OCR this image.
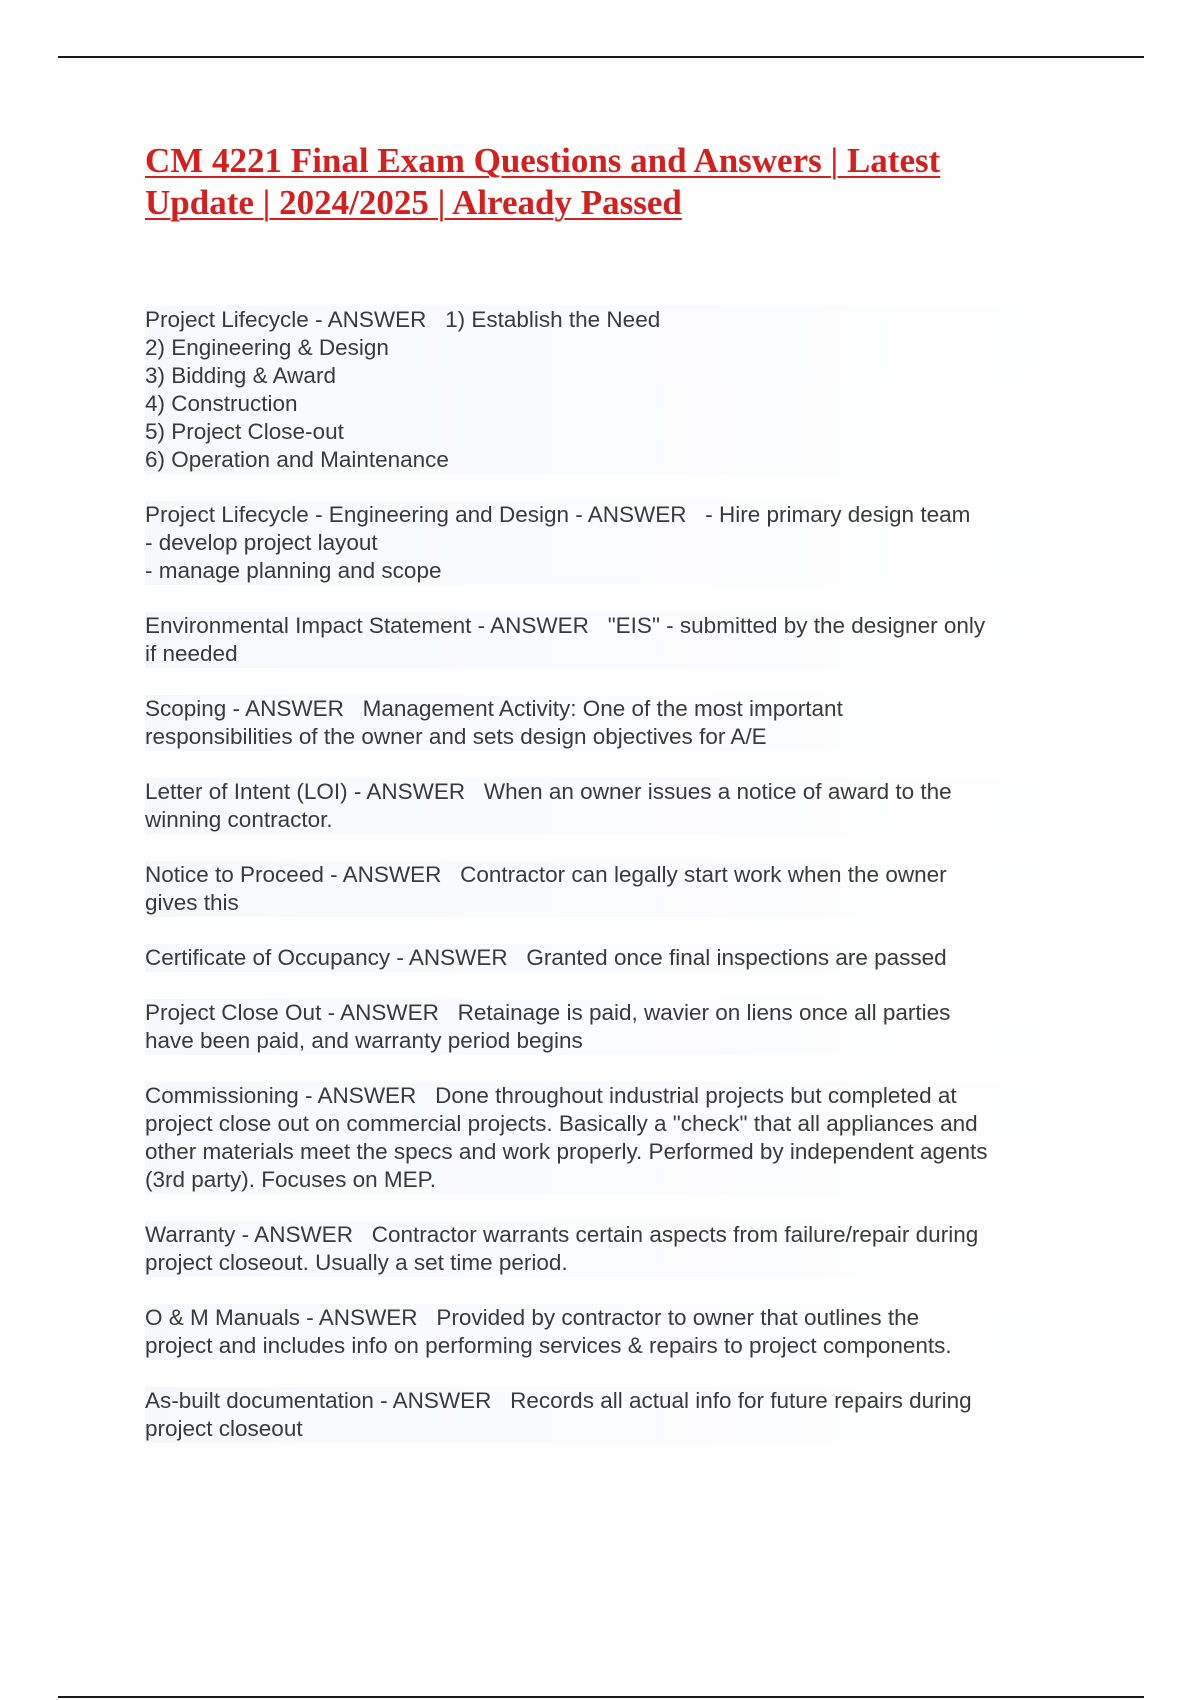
CM 4221 Final Exam Questions and Answers | Latest
Update | 2024/2025 | Already Passed

Project Lifecycle - ANSWER 1) Establish the Need
2) Engineering & Design
3) Bidding & Award
4) Construction
5) Project Close-out
6) Operation and Maintenance

Project Lifecycle - Engineering and Design - ANSWER - Hire primary design team
- develop project layout
- manage planning and scope

Environmental Impact Statement - ANSWER "EIS" - submitted by the designer only
if needed

Scoping - ANSWER Management Activity: One of the most important
responsibilities of the owner and sets design objectives for A/E

Letter of Intent (LOI) - ANSWER When an owner issues a notice of award to the
winning contractor.

Notice to Proceed - ANSWER Contractor can legally start work when the owner
gives this

Certificate of Occupancy - ANSWER Granted once final inspections are passed

Project Close Out - ANSWER Retainage is paid, wavier on liens once all parties
have been paid, and warranty period begins

Commissioning - ANSWER Done throughout industrial projects but completed at
project close out on commercial projects. Basically a "check" that all appliances and
other materials meet the specs and work properly. Performed by independent agents
(3rd party). Focuses on MEP.

Warranty - ANSWER Contractor warrants certain aspects from failure/repair during
project closeout. Usually a set time period.

O & M Manuals - ANSWER Provided by contractor to owner that outlines the
project and includes info on performing services & repairs to project components.

As-built documentation - ANSWER Records all actual info for future repairs during
project closeout
